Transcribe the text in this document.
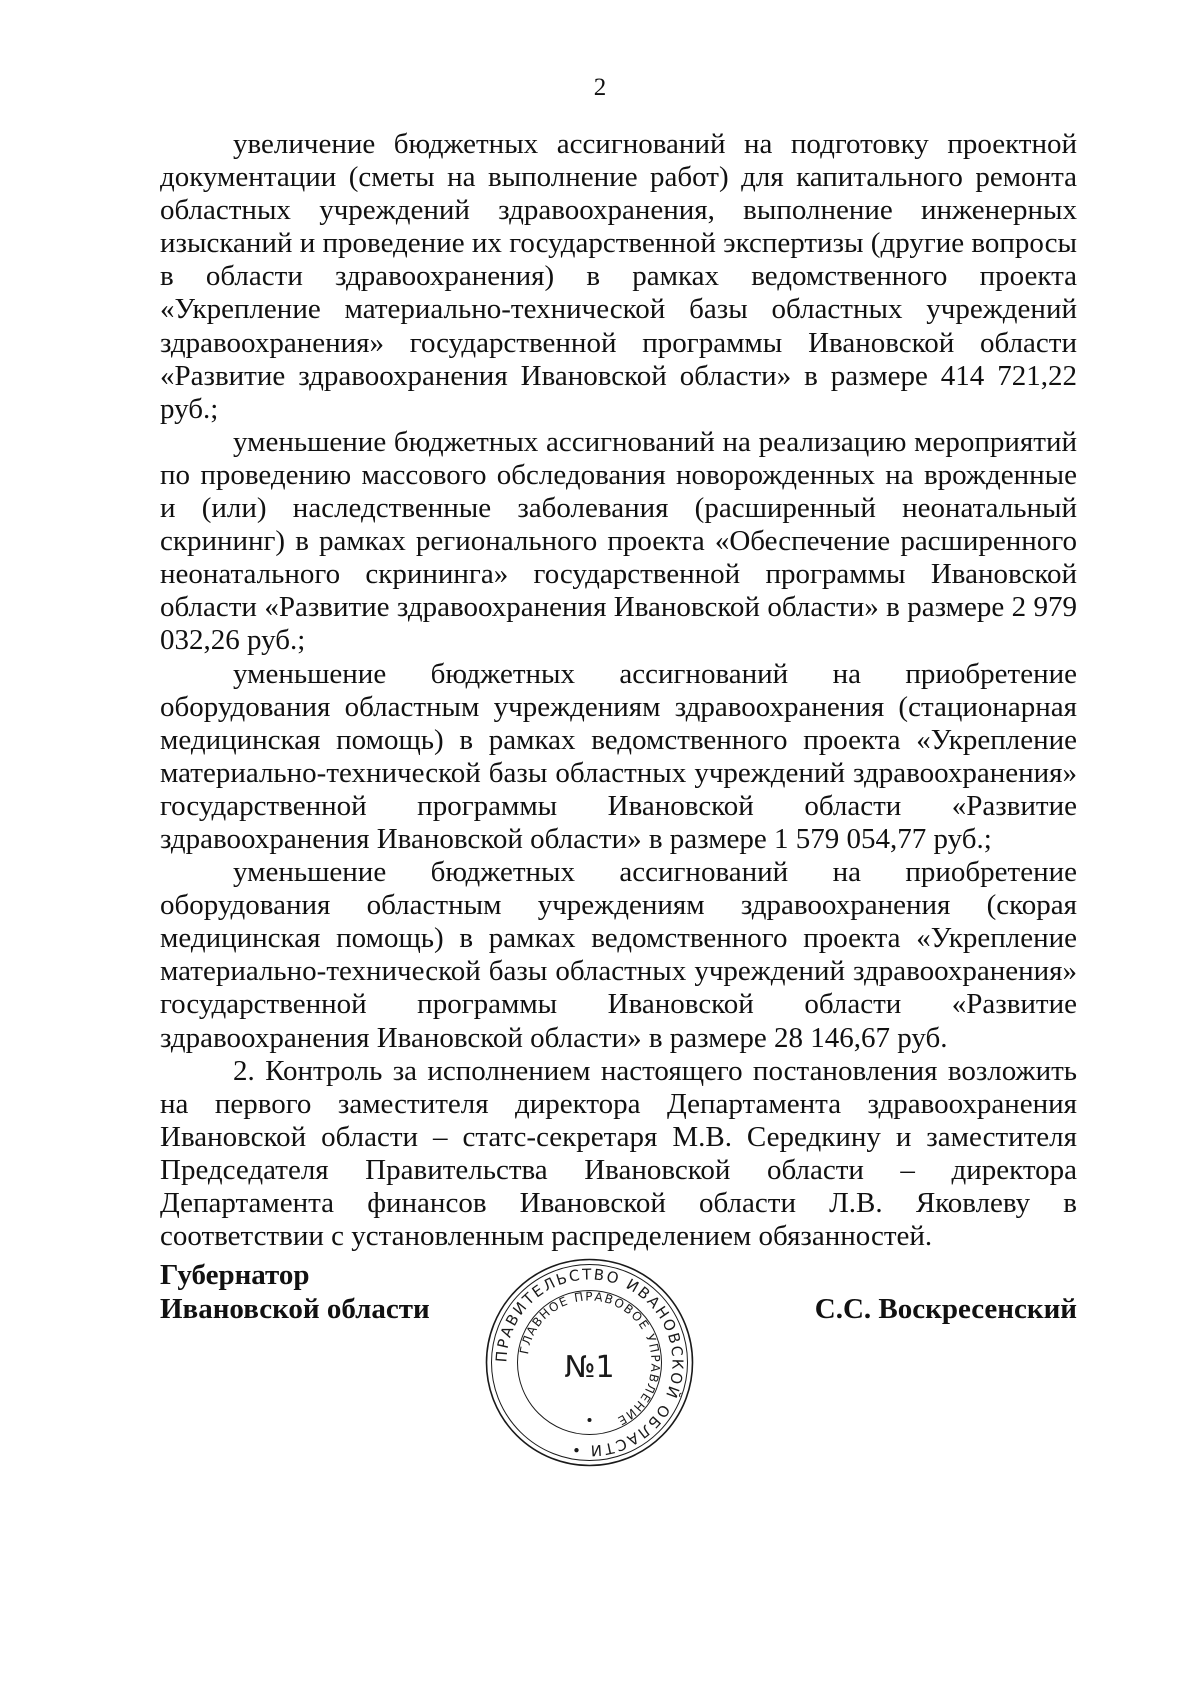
2

увеличение бюджетных ассигнований на подготовку проектной документации (сметы на выполнение работ) для капитального ремонта областных учреждений здравоохранения, выполнение инженерных изысканий и проведение их государственной экспертизы (другие вопросы в области здравоохранения) в рамках ведомственного проекта «Укрепление материально-технической базы областных учреждений здравоохранения» государственной программы Ивановской области «Развитие здравоохранения Ивановской области» в размере 414 721,22 руб.;

уменьшение бюджетных ассигнований на реализацию мероприятий по проведению массового обследования новорожденных на врожденные и (или) наследственные заболевания (расширенный неонатальный скрининг) в рамках регионального проекта «Обеспечение расширенного неонатального скрининга» государственной программы Ивановской области «Развитие здравоохранения Ивановской области» в размере 2 979 032,26 руб.;

уменьшение бюджетных ассигнований на приобретение оборудования областным учреждениям здравоохранения (стационарная медицинская помощь) в рамках ведомственного проекта «Укрепление материально-технической базы областных учреждений здравоохранения» государственной программы Ивановской области «Развитие здравоохранения Ивановской области» в размере 1 579 054,77 руб.;

уменьшение бюджетных ассигнований на приобретение оборудования областным учреждениям здравоохранения (скорая медицинская помощь) в рамках ведомственного проекта «Укрепление материально-технической базы областных учреждений здравоохранения» государственной программы Ивановской области «Развитие здравоохранения Ивановской области» в размере 28 146,67 руб.

2. Контроль за исполнением настоящего постановления возложить на первого заместителя директора Департамента здравоохранения Ивановской области – статс-секретаря М.В. Середкину и заместителя Председателя Правительства Ивановской области – директора Департамента финансов Ивановской области Л.В. Яковлеву в соответствии с установленным распределением обязанностей.

Губернатор
Ивановской области	С.С. Воскресенский
ПРАВИТЕЛЬСТВО ИВАНОВСКОЙ ОБЛАСТИ •
ГЛАВНОЕ ПРАВОВОЕ УПРАВЛЕНИЕ
№1
